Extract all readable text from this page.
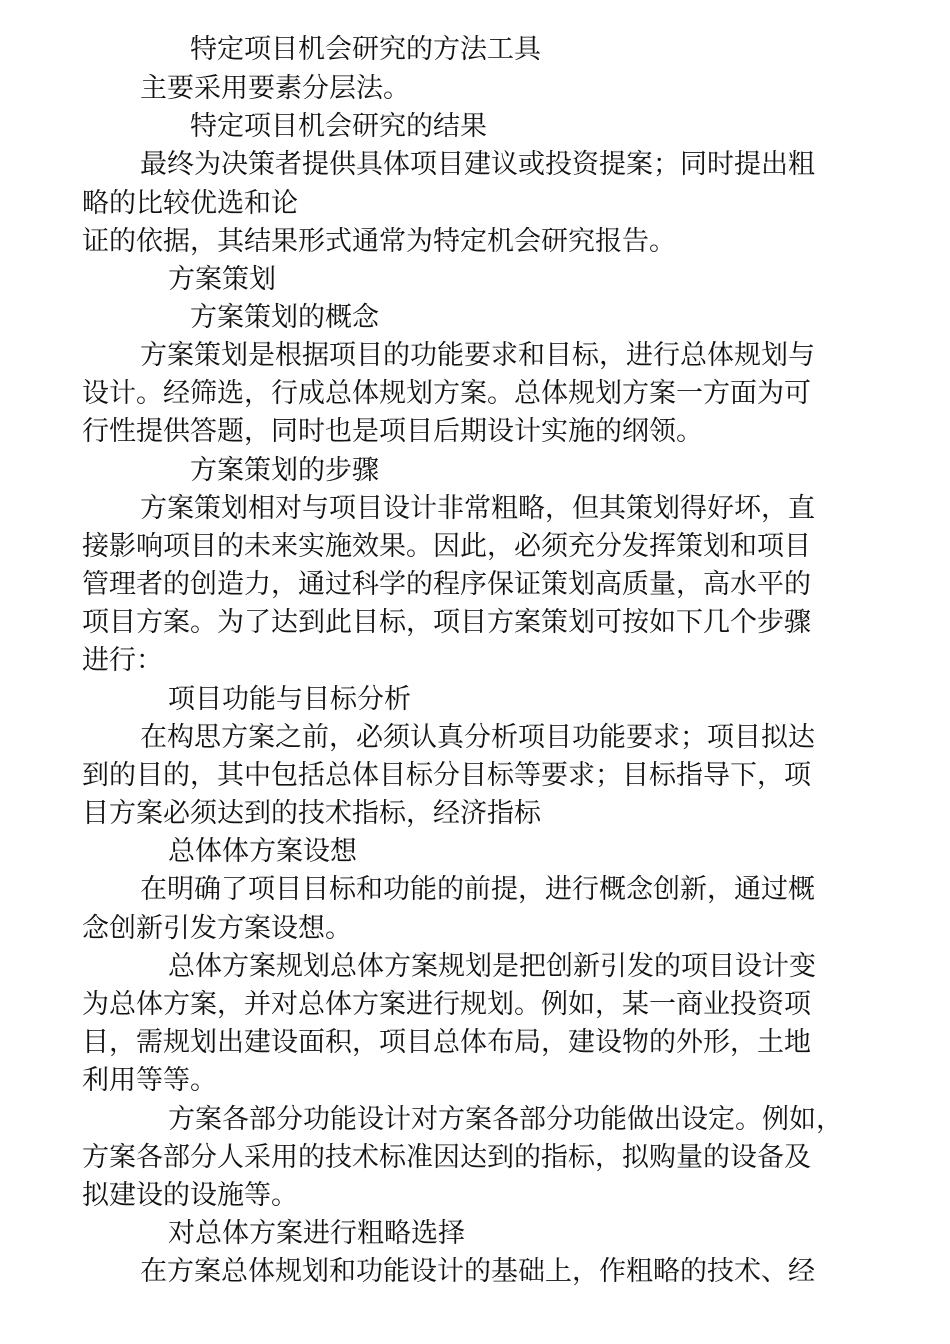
特定项目机会研究的方法工具
主要采用要素分层法。
特定项目机会研究的结果
最终为决策者提供具体项目建议或投资提案；同时提出粗
略的比较优选和论
证的依据，其结果形式通常为特定机会研究报告。
方案策划
方案策划的概念
方案策划是根据项目的功能要求和目标，进行总体规划与
设计。经筛选，行成总体规划方案。总体规划方案一方面为可
行性提供答题，同时也是项目后期设计实施的纲领。
方案策划的步骤
方案策划相对与项目设计非常粗略，但其策划得好坏，直
接影响项目的未来实施效果。因此，必须充分发挥策划和项目
管理者的创造力，通过科学的程序保证策划高质量，高水平的
项目方案。为了达到此目标，项目方案策划可按如下几个步骤
进行：
项目功能与目标分析
在构思方案之前，必须认真分析项目功能要求；项目拟达
到的目的，其中包括总体目标分目标等要求；目标指导下，项
目方案必须达到的技术指标，经济指标
总体体方案设想
在明确了项目目标和功能的前提，进行概念创新，通过概
念创新引发方案设想。
总体方案规划总体方案规划是把创新引发的项目设计变
为总体方案，并对总体方案进行规划。例如，某一商业投资项
目，需规划出建设面积，项目总体布局，建设物的外形，土地
利用等等。
方案各部分功能设计对方案各部分功能做出设定。例如，
方案各部分人采用的技术标准因达到的指标，拟购量的设备及
拟建设的设施等。
对总体方案进行粗略选择
在方案总体规划和功能设计的基础上，作粗略的技术、经
